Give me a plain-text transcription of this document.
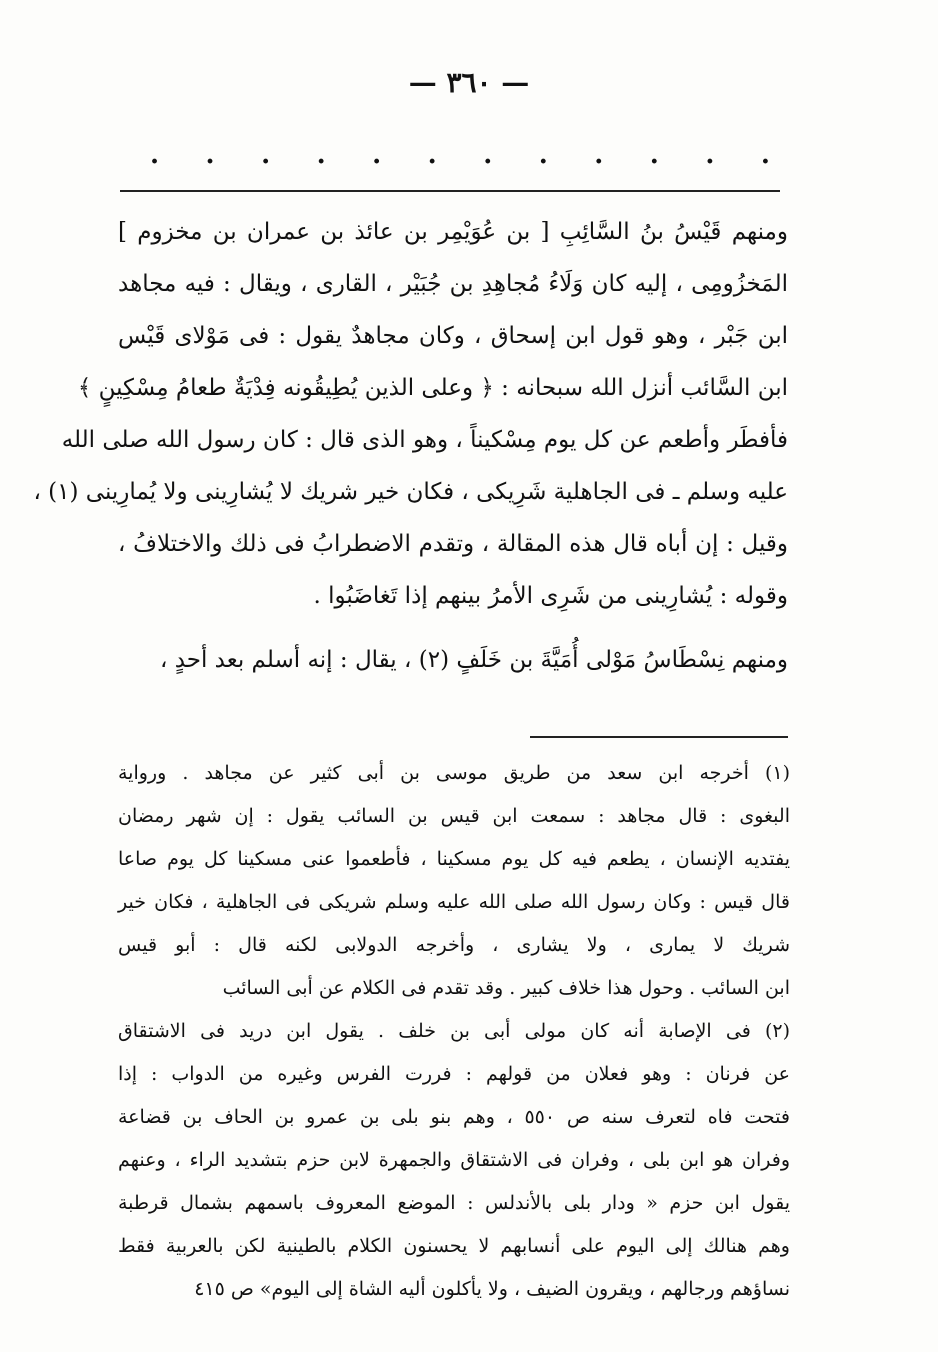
— ٣٦٠ —
. . . . . . . . . . . .
ومنهم قَيْسُ بنُ السَّائِبِ [ بن عُوَيْمِر بن عائذ بن عمران بن مخزوم ]
المَخزُومِى ، إليه كان وَلَاءُ مُجاهِدِ بن جُبَيْر ، القارى ، ويقال : فيه مجاهد
ابن جَبْر ، وهو قول ابن إسحاق ، وكان مجاهدٌ يقول : فى مَوْلاى قَيْس
ابن السَّائب أنزل الله سبحانه : ﴿ وعلى الذين يُطِيقُونه فِدْيَةٌ طعامُ مِسْكِينٍ ﴾
فأفطَر وأطعم عن كل يوم مِسْكيناً ، وهو الذى قال : كان رسول الله صلى الله
عليه وسلم ـ فى الجاهلية شَرِيكى ، فكان خير شريك لا يُشارِينى ولا يُمارِينى (١) ،
وقيل : إن أباه قال هذه المقالة ، وتقدم الاضطرابُ فى ذلك والاختلافُ ،
وقوله : يُشارِينى من شَرِى الأمرُ بينهم إذا تَغاضَبُوا .
ومنهم نِسْطَاسُ مَوْلى أُمَيَّةَ بن خَلَفٍ (٢) ، يقال : إنه أسلم بعد أحدٍ ،
(١) أخرجه ابن سعد من طريق موسى بن أبى كثير عن مجاهد . ورواية
البغوى : قال مجاهد : سمعت ابن قيس بن السائب يقول : إن شهر رمضان
يفتديه الإنسان ، يطعم فيه كل يوم مسكينا ، فأطعموا عنى مسكينا كل يوم صاعا
قال قيس : وكان رسول الله صلى الله عليه وسلم شريكى فى الجاهلية ، فكان خير
شريك لا يمارى ، ولا يشارى ، وأخرجه الدولابى لكنه قال : أبو قيس
ابن السائب . وحول هذا خلاف كبير . وقد تقدم فى الكلام عن أبى السائب
(٢) فى الإصابة أنه كان مولى أبى بن خلف . يقول ابن دريد فى الاشتقاق
عن فرنان : وهو فعلان من قولهم : فررت الفرس وغيره من الدواب : إذا
فتحت فاه لتعرف سنه ص ٥٥٠ ، وهم بنو بلى بن عمرو بن الحاف بن قضاعة
وفران هو ابن بلى ، وفران فى الاشتقاق والجمهرة لابن حزم بتشديد الراء ، وعنهم
يقول ابن حزم « ودار بلى بالأندلس : الموضع المعروف باسمهم بشمال قرطبة
وهم هنالك إلى اليوم على أنسابهم لا يحسنون الكلام بالطينية لكن بالعربية فقط
نساؤهم ورجالهم ، ويقرون الضيف ، ولا يأكلون أليه الشاة إلى اليوم» ص ٤١٥
